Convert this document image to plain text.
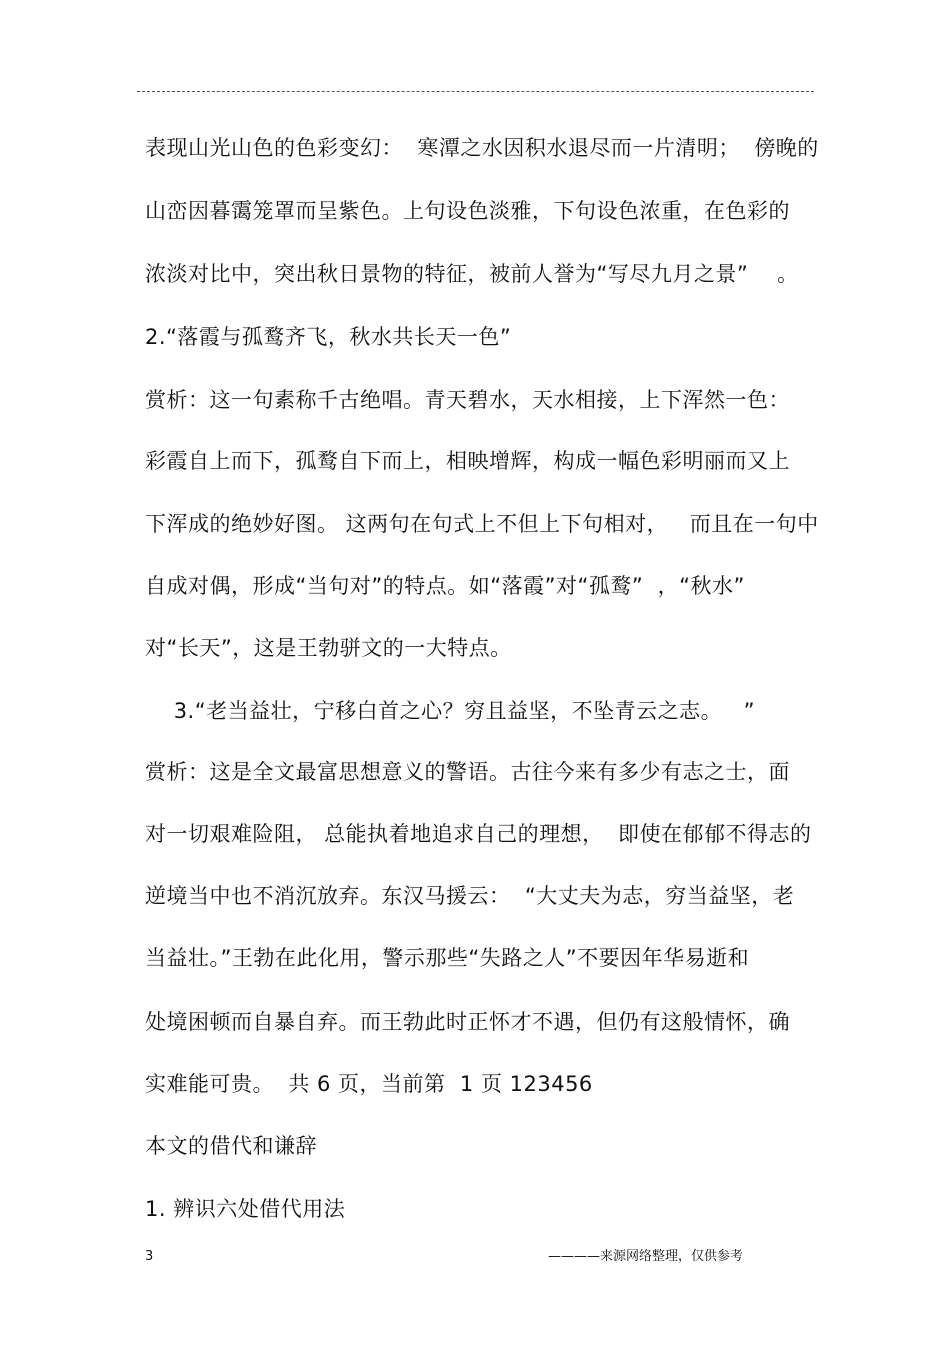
表现山光山色的色彩变幻：  寒潭之水因积水退尽而一片清明；  傍晚的
山峦因暮霭笼罩而呈紫色。上句设色淡雅，下句设色浓重，在色彩的
浓淡对比中，突出秋日景物的特征，被前人誉为“写尽九月之景”    。
2.“落霞与孤鹜齐飞，秋水共长天一色”
赏析：这一句素称千古绝唱。青天碧水，天水相接，上下浑然一色：
彩霞自上而下，孤鹜自下而上，相映增辉，构成一幅色彩明丽而又上
下浑成的绝妙好图。 这两句在句式上不但上下句相对，   而且在一句中
自成对偶，形成“当句对”的特点。如“落霞”对“孤鹜”  ，“秋水”
对“长天”，这是王勃骈文的一大特点。
3.“老当益壮，宁移白首之心？穷且益坚，不坠青云之志。   ”
赏析：这是全文最富思想意义的警语。古往今来有多少有志之士，面
对一切艰难险阻， 总能执着地追求自己的理想，  即使在郁郁不得志的
逆境当中也不消沉放弃。东汉马援云：  “大丈夫为志，穷当益坚，老
当益壮。”王勃在此化用，警示那些“失路之人”不要因年华易逝和
处境困顿而自暴自弃。而王勃此时正怀才不遇，但仍有这般情怀，确
实难能可贵。  共 6 页，当前第  1 页 123456
本文的借代和谦辞
1. 辨识六处借代用法
3	————来源网络整理，仅供参考
